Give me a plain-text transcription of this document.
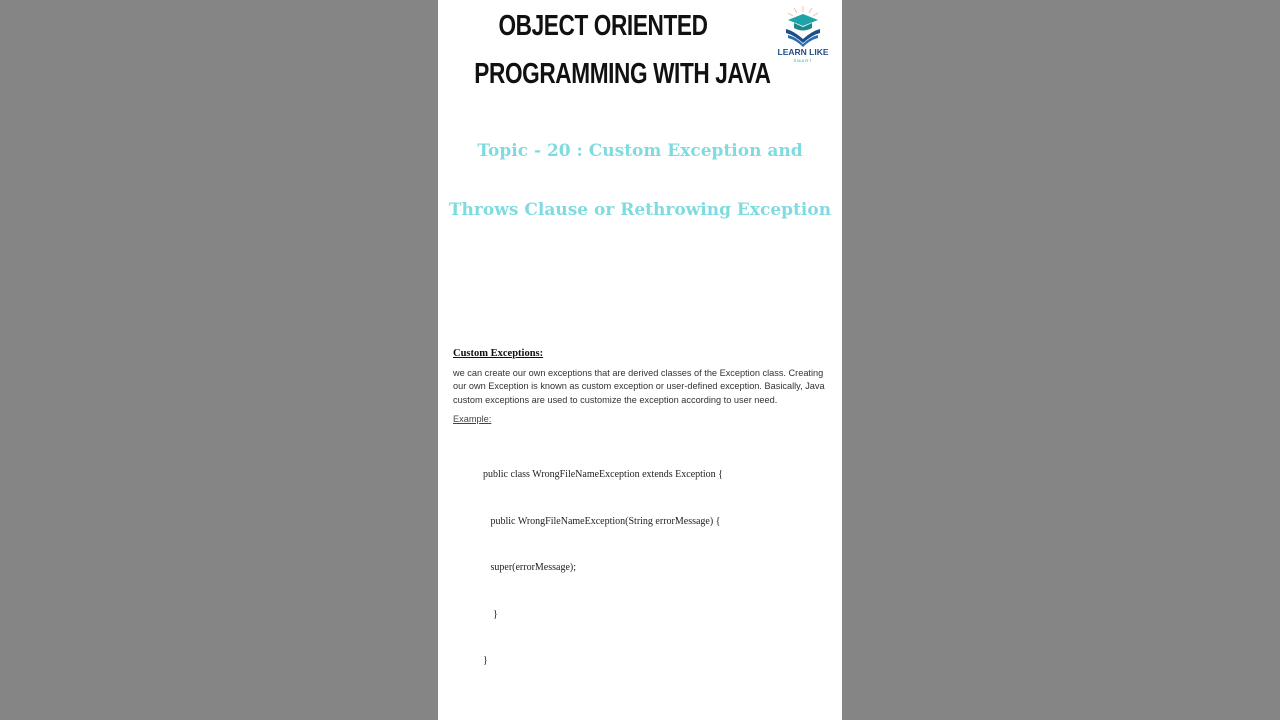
OBJECT ORIENTED
PROGRAMMING WITH JAVA
LEARN LIKE
SMART
Topic - 20 : Custom Exception and
Throws Clause or Rethrowing Exception
Custom Exceptions:
we can create our own exceptions that are derived classes of the Exception class. Creating our own Exception is known as custom exception or user-defined exception. Basically, Java custom exceptions are used to customize the exception according to user need.
Example:

public class WrongFileNameException extends Exception {

public WrongFileNameException(String errorMessage) {

super(errorMessage);

}

}
